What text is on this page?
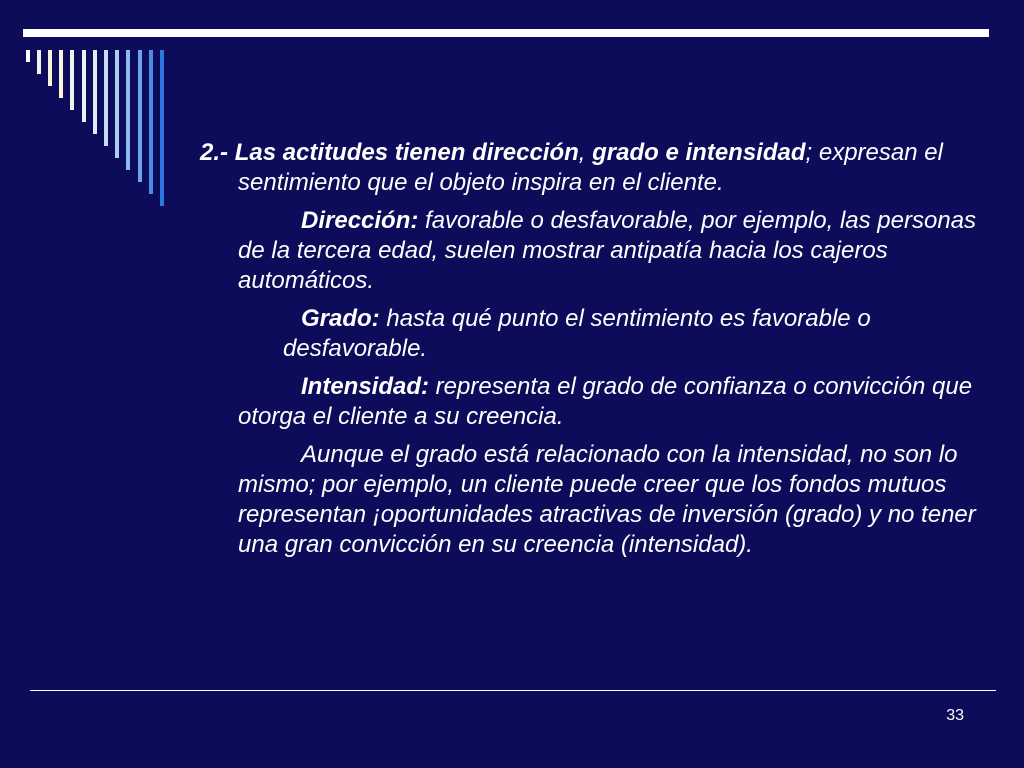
2.- Las actitudes tienen dirección, grado e intensidad; expresan el sentimiento que el objeto inspira en el cliente.

Dirección: favorable o desfavorable, por ejemplo, las personas de la tercera edad, suelen mostrar antipatía hacia los cajeros automáticos.

Grado: hasta qué punto el sentimiento es favorable o desfavorable.

Intensidad: representa el grado de confianza o convicción que otorga el cliente a su creencia.

Aunque el grado está relacionado con la intensidad, no son lo mismo; por ejemplo, un cliente puede creer que los fondos mutuos representan ¡oportunidades atractivas de inversión (grado) y no tener una gran convicción en su creencia (intensidad).

33
